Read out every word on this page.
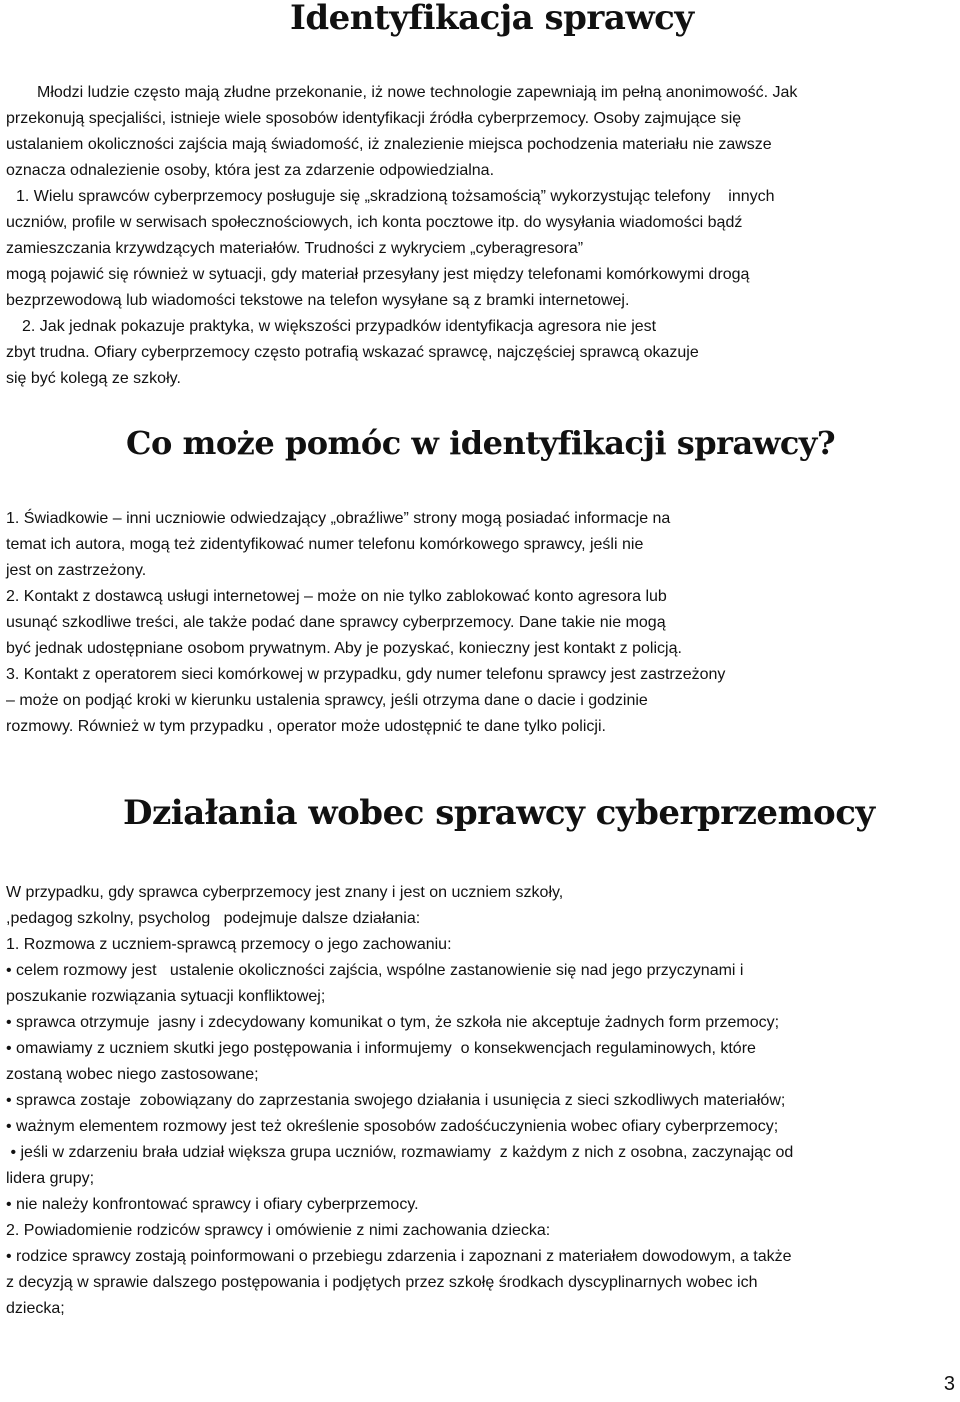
Identyfikacja sprawcy
Młodzi ludzie często mają złudne przekonanie, iż nowe technologie zapewniają im pełną anonimowość. Jak
przekonują specjaliści, istnieje wiele sposobów identyfikacji źródła cyberprzemocy. Osoby zajmujące się
ustalaniem okoliczności zajścia mają świadomość, iż znalezienie miejsca pochodzenia materiału nie zawsze
oznacza odnalezienie osoby, która jest za zdarzenie odpowiedzialna.
1. Wielu sprawców cyberprzemocy posługuje się „skradzioną tożsamością” wykorzystując telefony    innych
uczniów, profile w serwisach społecznościowych, ich konta pocztowe itp. do wysyłania wiadomości bądź
zamieszczania krzywdzących materiałów. Trudności z wykryciem „cyberagresora”
mogą pojawić się również w sytuacji, gdy materiał przesyłany jest między telefonami komórkowymi drogą
bezprzewodową lub wiadomości tekstowe na telefon wysyłane są z bramki internetowej.
2. Jak jednak pokazuje praktyka, w większości przypadków identyfikacja agresora nie jest
zbyt trudna. Ofiary cyberprzemocy często potrafią wskazać sprawcę, najczęściej sprawcą okazuje
się być kolegą ze szkoły.
Co może pomóc w identyfikacji sprawcy?
1. Świadkowie – inni uczniowie odwiedzający „obraźliwe” strony mogą posiadać informacje na
temat ich autora, mogą też zidentyfikować numer telefonu komórkowego sprawcy, jeśli nie
jest on zastrzeżony.
2. Kontakt z dostawcą usługi internetowej – może on nie tylko zablokować konto agresora lub
usunąć szkodliwe treści, ale także podać dane sprawcy cyberprzemocy. Dane takie nie mogą
być jednak udostępniane osobom prywatnym. Aby je pozyskać, konieczny jest kontakt z policją.
3. Kontakt z operatorem sieci komórkowej w przypadku, gdy numer telefonu sprawcy jest zastrzeżony
– może on podjąć kroki w kierunku ustalenia sprawcy, jeśli otrzyma dane o dacie i godzinie
rozmowy. Również w tym przypadku , operator może udostępnić te dane tylko policji.
Działania wobec sprawcy cyberprzemocy
W przypadku, gdy sprawca cyberprzemocy jest znany i jest on uczniem szkoły,
,pedagog szkolny, psycholog   podejmuje dalsze działania:
1. Rozmowa z uczniem-sprawcą przemocy o jego zachowaniu:
• celem rozmowy jest   ustalenie okoliczności zajścia, wspólne zastanowienie się nad jego przyczynami i
poszukanie rozwiązania sytuacji konfliktowej;
• sprawca otrzymuje  jasny i zdecydowany komunikat o tym, że szkoła nie akceptuje żadnych form przemocy;
• omawiamy z uczniem skutki jego postępowania i informujemy  o konsekwencjach regulaminowych, które
zostaną wobec niego zastosowane;
• sprawca zostaje  zobowiązany do zaprzestania swojego działania i usunięcia z sieci szkodliwych materiałów;
• ważnym elementem rozmowy jest też określenie sposobów zadośćuczynienia wobec ofiary cyberprzemocy;
• jeśli w zdarzeniu brała udział większa grupa uczniów, rozmawiamy  z każdym z nich z osobna, zaczynając od
lidera grupy;
• nie należy konfrontować sprawcy i ofiary cyberprzemocy.
2. Powiadomienie rodziców sprawcy i omówienie z nimi zachowania dziecka:
• rodzice sprawcy zostają poinformowani o przebiegu zdarzenia i zapoznani z materiałem dowodowym, a także
z decyzją w sprawie dalszego postępowania i podjętych przez szkołę środkach dyscyplinarnych wobec ich
dziecka;
3
